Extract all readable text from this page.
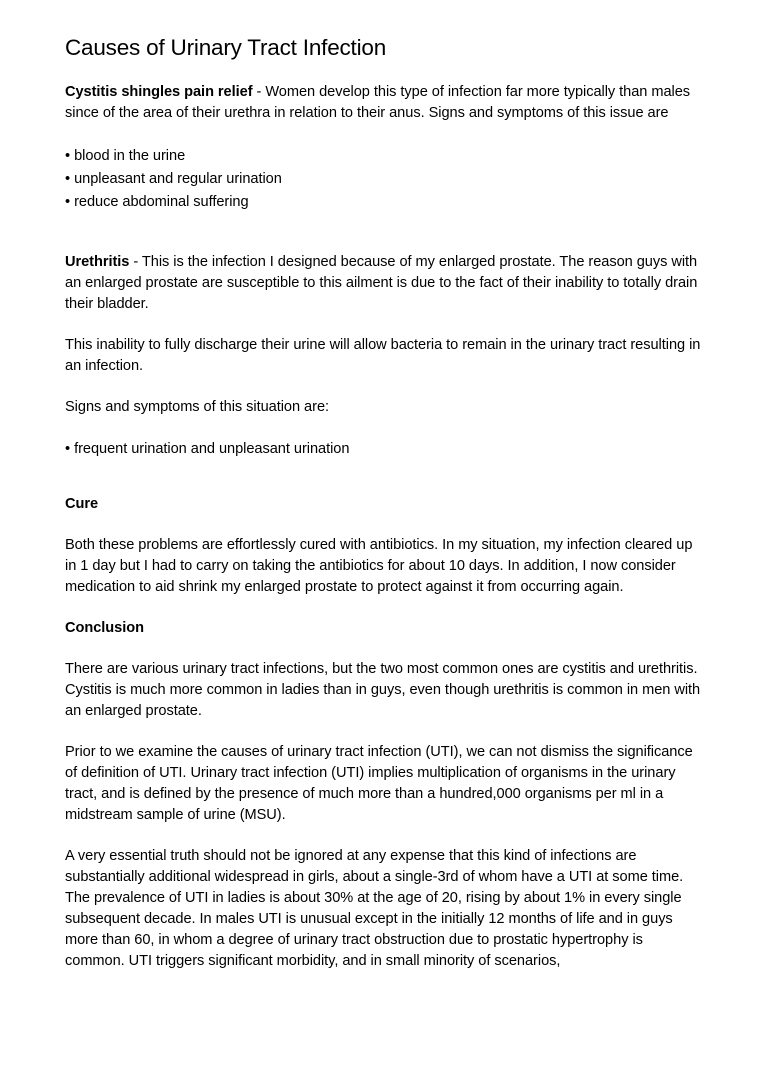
Causes of Urinary Tract Infection

Cystitis shingles pain relief - Women develop this type of infection far more typically than males since of the area of their urethra in relation to their anus. Signs and symptoms of this issue are

• blood in the urine
• unpleasant and regular urination
• reduce abdominal suffering

Urethritis - This is the infection I designed because of my enlarged prostate. The reason guys with an enlarged prostate are susceptible to this ailment is due to the fact of their inability to totally drain their bladder.

This inability to fully discharge their urine will allow bacteria to remain in the urinary tract resulting in an infection.

Signs and symptoms of this situation are:

• frequent urination and unpleasant urination

Cure

Both these problems are effortlessly cured with antibiotics. In my situation, my infection cleared up in 1 day but I had to carry on taking the antibiotics for about 10 days. In addition, I now consider medication to aid shrink my enlarged prostate to protect against it from occurring again.

Conclusion

There are various urinary tract infections, but the two most common ones are cystitis and urethritis. Cystitis is much more common in ladies than in guys, even though urethritis is common in men with an enlarged prostate.

Prior to we examine the causes of urinary tract infection (UTI), we can not dismiss the significance of definition of UTI. Urinary tract infection (UTI) implies multiplication of organisms in the urinary tract, and is defined by the presence of much more than a hundred,000 organisms per ml in a midstream sample of urine (MSU).

A very essential truth should not be ignored at any expense that this kind of infections are substantially additional widespread in girls, about a single-3rd of whom have a UTI at some time. The prevalence of UTI in ladies is about 30% at the age of 20, rising by about 1% in every single subsequent decade. In males UTI is unusual except in the initially 12 months of life and in guys more than 60, in whom a degree of urinary tract obstruction due to prostatic hypertrophy is common. UTI triggers significant morbidity, and in small minority of scenarios,
